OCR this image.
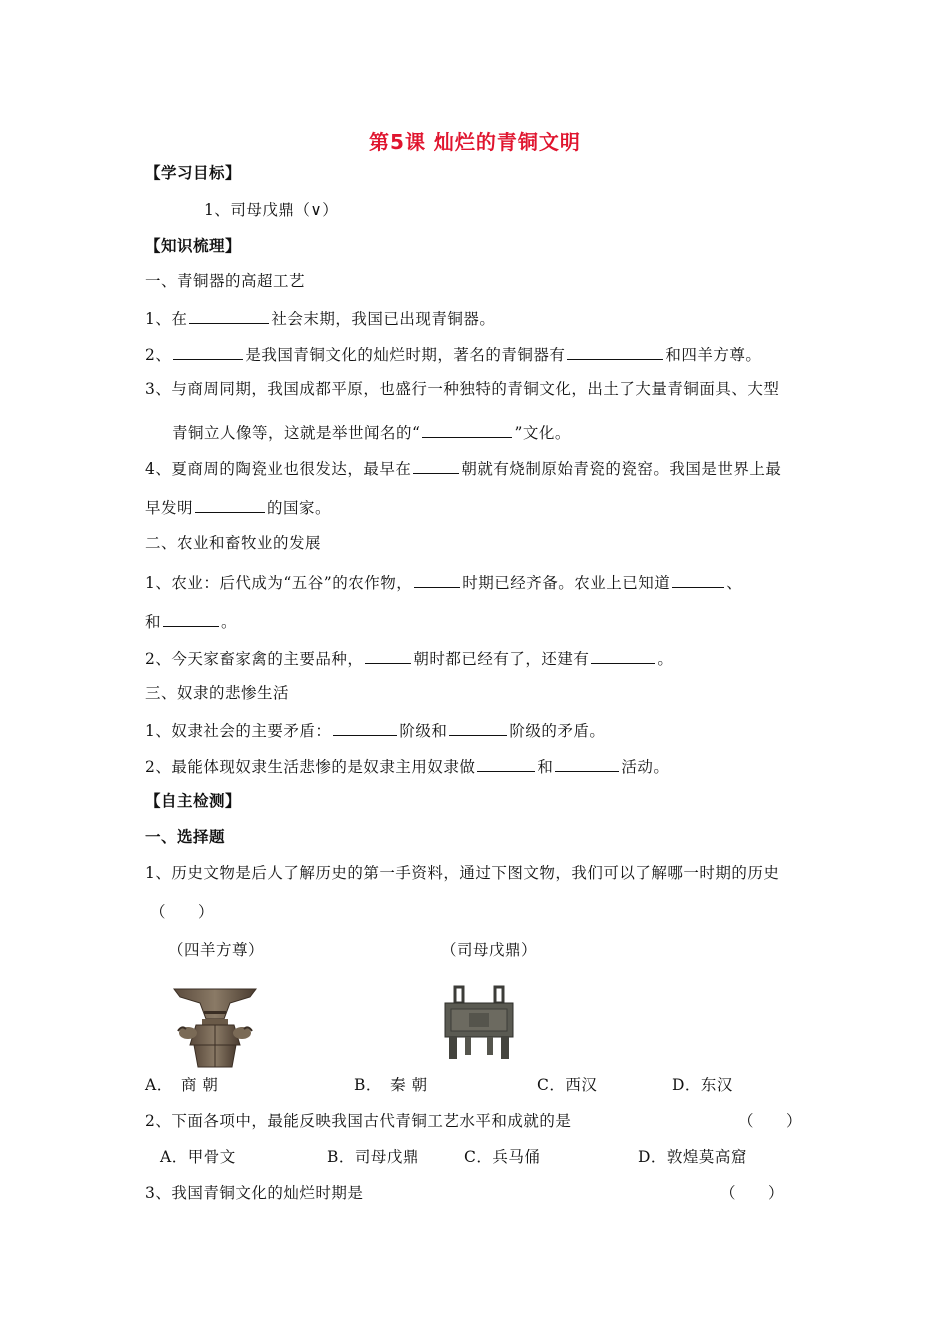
第5课 灿烂的青铜文明
【学习目标】
1、司母戊鼎（∨）
【知识梳理】
一、青铜器的高超工艺
1、在	社会末期，我国已出现青铜器。
2、	是我国青铜文化的灿烂时期，著名的青铜器有	和四羊方尊。
3、与商周同期，我国成都平原，也盛行一种独特的青铜文化，出土了大量青铜面具、大型
青铜立人像等，这就是举世闻名的“	”文化。
4、夏商周的陶瓷业也很发达，最早在	朝就有烧制原始青瓷的瓷窑。我国是世界上最
早发明	的国家。
二、农业和畜牧业的发展
1、农业：后代成为“五谷”的农作物，	时期已经齐备。农业上已知道	、
和	。
2、今天家畜家禽的主要品种，	朝时都已经有了，还建有	。
三、奴隶的悲惨生活
1、奴隶社会的主要矛盾：	阶级和	阶级的矛盾。
2、最能体现奴隶生活悲惨的是奴隶主用奴隶做	和	活动。
【自主检测】
一、选择题
1、历史文物是后人了解历史的第一手资料，通过下图文物，我们可以了解哪一时期的历史
（　　）
（四羊方尊）	（司母戊鼎）
A．　商 朝	B．　秦 朝	C．西汉	D．东汉
2、下面各项中，最能反映我国古代青铜工艺水平和成就的是	（　　）
A．甲骨文	B．司母戊鼎	C．兵马俑	D．敦煌莫高窟
3、我国青铜文化的灿烂时期是	（　　）
